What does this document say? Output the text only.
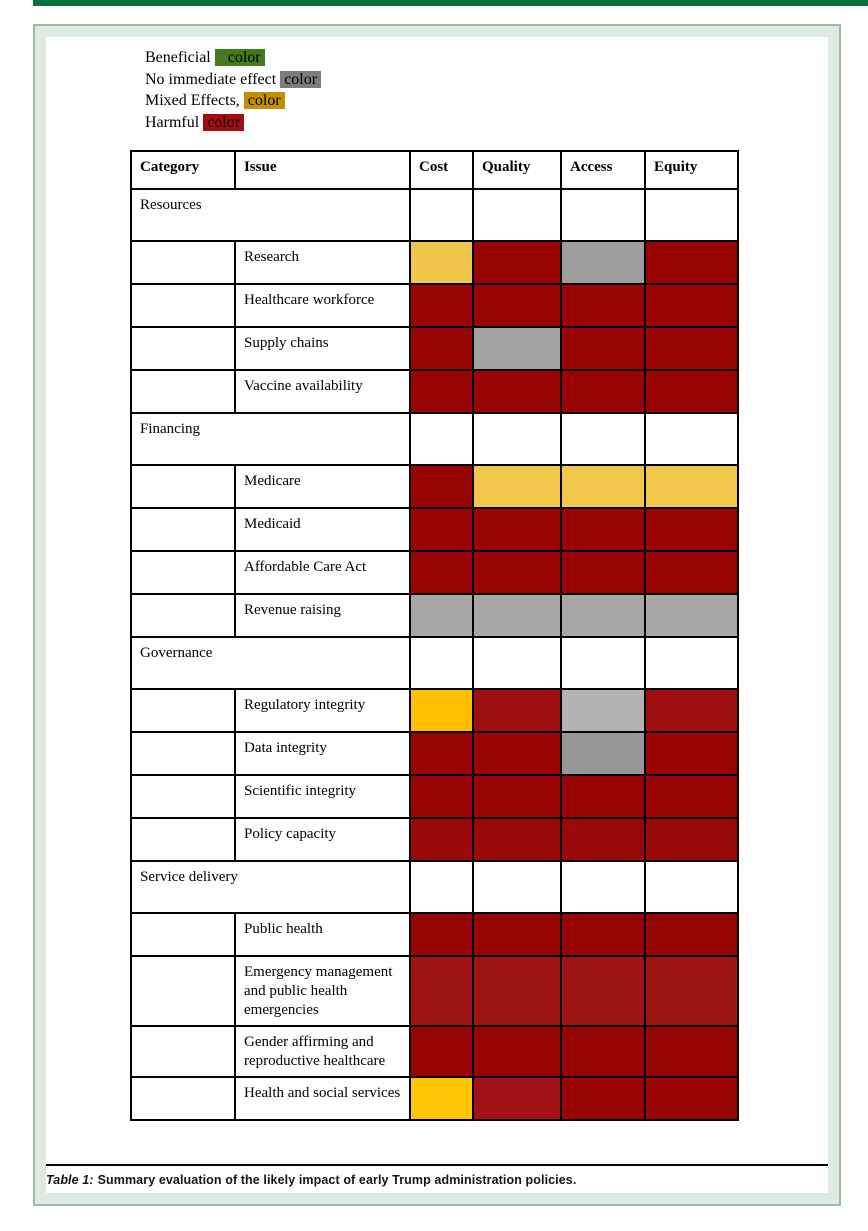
Beneficial color
No immediate effect color
Mixed Effects, color
Harmful color
Category	Issue	Cost	Quality	Access	Equity
Resources					
	Research				
	Healthcare workforce				
	Supply chains				
	Vaccine availability				
Financing					
	Medicare				
	Medicaid				
	Affordable Care Act				
	Revenue raising				
Governance					
	Regulatory integrity				
	Data integrity				
	Scientific integrity				
	Policy capacity				
Service delivery					
	Public health				
	Emergency management and public health emergencies				
	Gender affirming and reproductive healthcare				
	Health and social services				
Table 1: Summary evaluation of the likely impact of early Trump administration policies.
